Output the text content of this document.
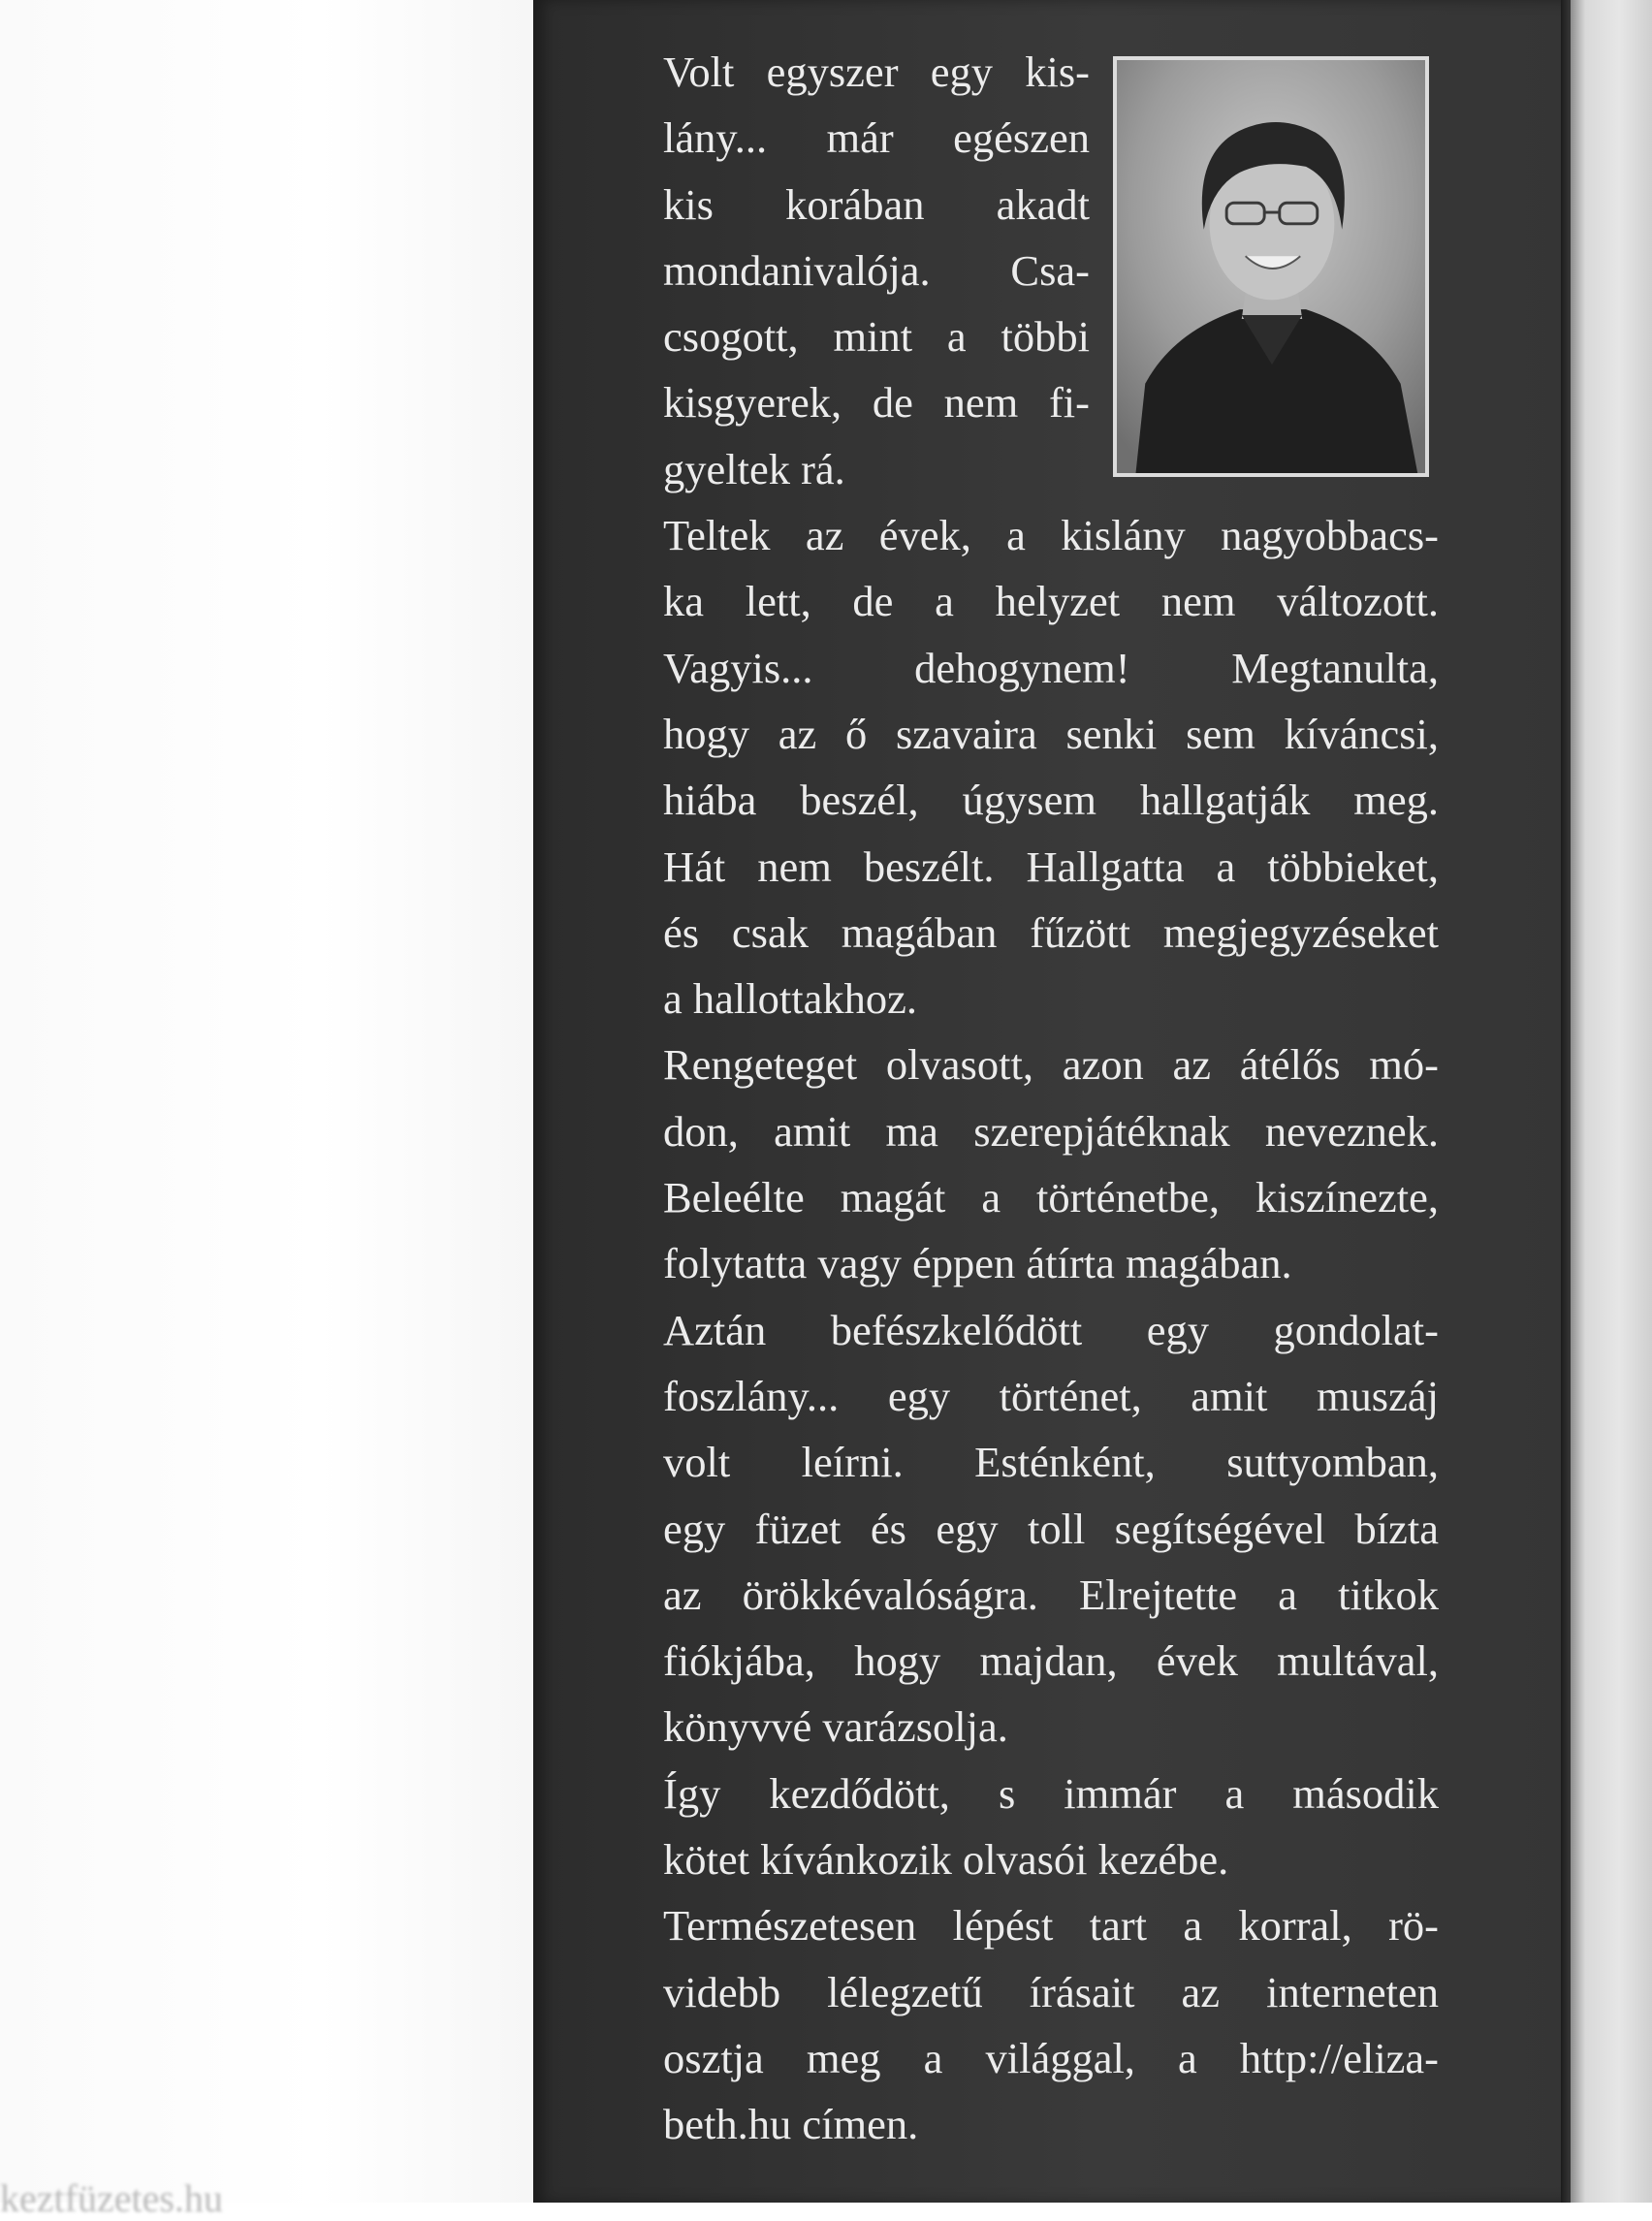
keztfüzetes.hu
Volt egyszer egy kis-
lány... már egészen
kis korában akadt
mondanivalója. Csa-
csogott, mint a többi
kisgyerek, de nem fi-
gyeltek rá.
Teltek az évek, a kislány nagyobbacs-
ka lett, de a helyzet nem változott.
Vagyis... dehogynem! Megtanulta,
hogy az ő szavaira senki sem kíváncsi,
hiába beszél, úgysem hallgatják meg.
Hát nem beszélt. Hallgatta a többieket,
és csak magában fűzött megjegyzéseket
a hallottakhoz.
Rengeteget olvasott, azon az átélős mó-
don, amit ma szerepjátéknak neveznek.
Beleélte magát a történetbe, kiszínezte,
folytatta vagy éppen átírta magában.
Aztán befészkelődött egy gondolat-
foszlány... egy történet, amit muszáj
volt leírni. Esténként, suttyomban,
egy füzet és egy toll segítségével bízta
az örökkévalóságra. Elrejtette a titkok
fiókjába, hogy majdan, évek multával,
könyvvé varázsolja.
Így kezdődött, s immár a második
kötet kívánkozik olvasói kezébe.
Természetesen lépést tart a korral, rö-
videbb lélegzetű írásait az interneten
osztja meg a világgal, a http://eliza-
beth.hu címen.
